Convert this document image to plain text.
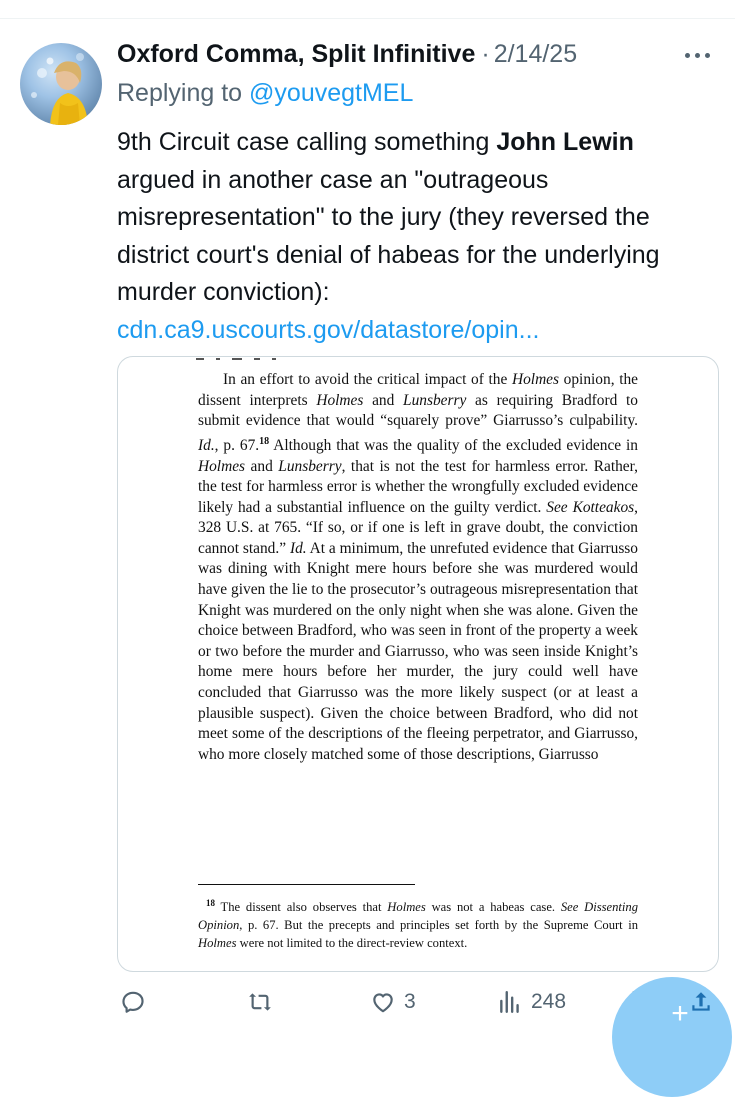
Oxford Comma, Split Infinitive · 2/14/25
Replying to @youvegtMEL
9th Circuit case calling something John Lewin argued in another case an "outrageous misrepresentation" to the jury (they reversed the district court's denial of habeas for the underlying murder conviction):
cdn.ca9.uscourts.gov/datastore/opin...

In an effort to avoid the critical impact of the Holmes opinion, the dissent interprets Holmes and Lunsberry as requiring Bradford to submit evidence that would “squarely prove” Giarrusso’s culpability. Id., p. 67.18 Although that was the quality of the excluded evidence in Holmes and Lunsberry, that is not the test for harmless error. Rather, the test for harmless error is whether the wrongfully excluded evidence likely had a substantial influence on the guilty verdict. See Kotteakos, 328 U.S. at 765. “If so, or if one is left in grave doubt, the conviction cannot stand.” Id. At a minimum, the unrefuted evidence that Giarrusso was dining with Knight mere hours before she was murdered would have given the lie to the prosecutor’s outrageous misrepresentation that Knight was murdered on the only night when she was alone. Given the choice between Bradford, who was seen in front of the property a week or two before the murder and Giarrusso, who was seen inside Knight’s home mere hours before her murder, the jury could well have concluded that Giarrusso was the more likely suspect (or at least a plausible suspect). Given the choice between Bradford, who did not meet some of the descriptions of the fleeing perpetrator, and Giarrusso, who more closely matched some of those descriptions, Giarrusso

$^{18}$ The dissent also observes that Holmes was not a habeas case. See Dissenting Opinion, p. 67. But the precepts and principles set forth by the Supreme Court in Holmes were not limited to the direct-review context.

3	248	+
